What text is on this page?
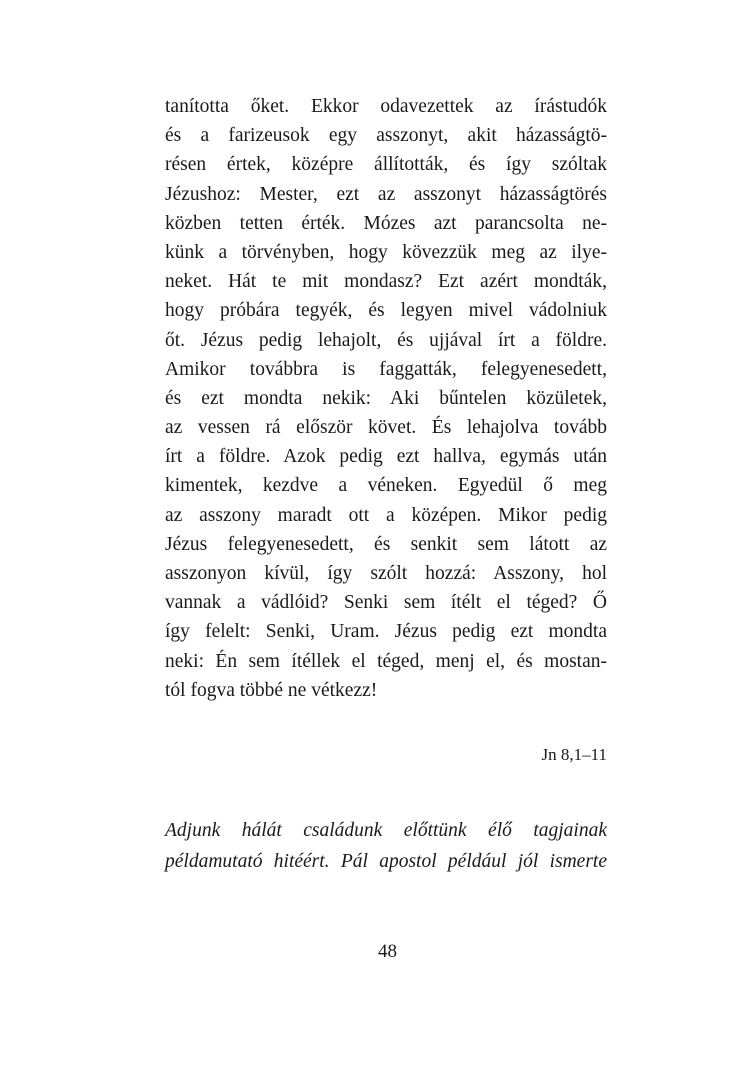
tanította őket. Ekkor odavezettek az írástudók
és a farizeusok egy asszonyt, akit házasságtö-
résen értek, középre állították, és így szóltak
Jézushoz: Mester, ezt az asszonyt házasságtörés
közben tetten érték. Mózes azt parancsolta ne-
künk a törvényben, hogy kövezzük meg az ilye-
neket. Hát te mit mondasz? Ezt azért mondták,
hogy próbára tegyék, és legyen mivel vádolniuk
őt. Jézus pedig lehajolt, és ujjával írt a földre.
Amikor továbbra is faggatták, felegyenesedett,
és ezt mondta nekik: Aki bűntelen közületek,
az vessen rá először követ. És lehajolva tovább
írt a földre. Azok pedig ezt hallva, egymás után
kimentek, kezdve a véneken. Egyedül ő meg
az asszony maradt ott a középen. Mikor pedig
Jézus felegyenesedett, és senkit sem látott az
asszonyon kívül, így szólt hozzá: Asszony, hol
vannak a vádlóid? Senki sem ítélt el téged? Ő
így felelt: Senki, Uram. Jézus pedig ezt mondta
neki: Én sem ítéllek el téged, menj el, és mostan-
tól fogva többé ne vétkezz!
Jn 8,1–11
Adjunk hálát családunk előttünk élő tagjainak
példamutató hitéért. Pál apostol például jól ismerte
48
